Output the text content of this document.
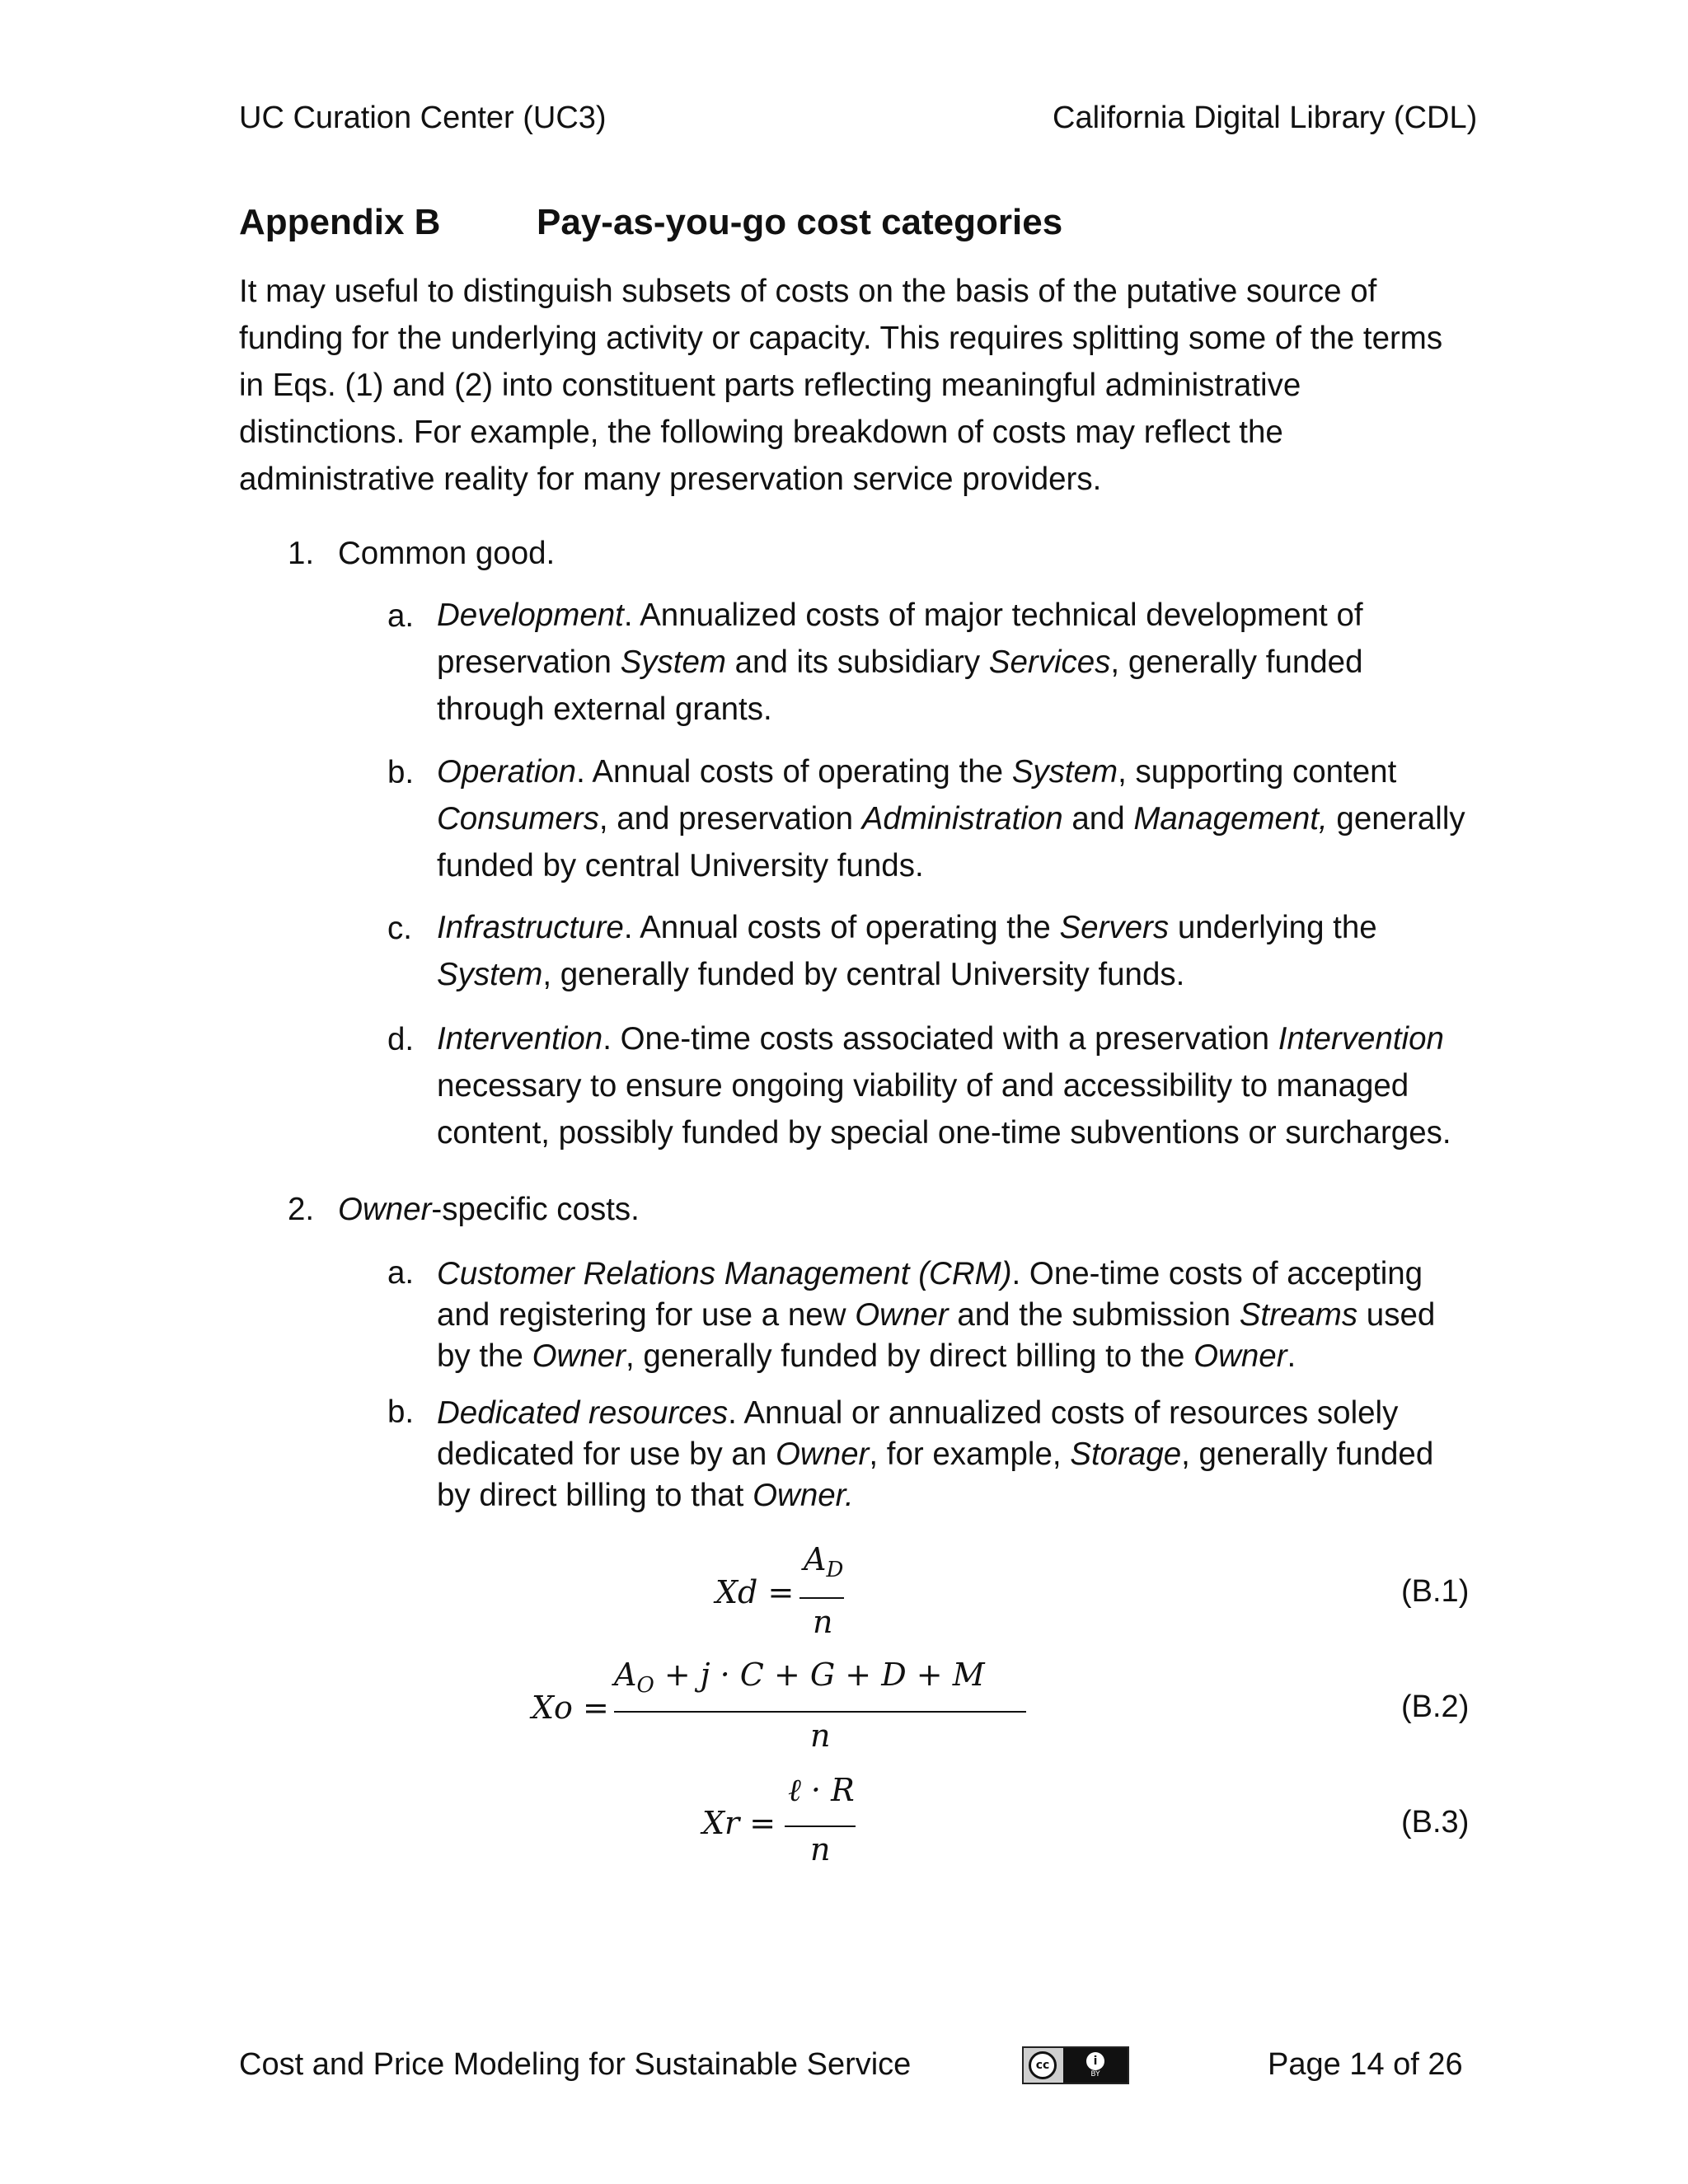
UC Curation Center (UC3)	California Digital Library (CDL)
Appendix B	Pay-as-you-go cost categories
It may useful to distinguish subsets of costs on the basis of the putative source of funding for the underlying activity or capacity. This requires splitting some of the terms in Eqs. (1) and (2) into constituent parts reflecting meaningful administrative distinctions. For example, the following breakdown of costs may reflect the administrative reality for many preservation service providers.
1. Common good.
a. Development. Annualized costs of major technical development of preservation System and its subsidiary Services, generally funded through external grants.
b. Operation. Annual costs of operating the System, supporting content Consumers, and preservation Administration and Management, generally funded by central University funds.
c. Infrastructure. Annual costs of operating the Servers underlying the System, generally funded by central University funds.
d. Intervention. One-time costs associated with a preservation Intervention necessary to ensure ongoing viability of and accessibility to managed content, possibly funded by special one-time subventions or surcharges.
2. Owner-specific costs.
a. Customer Relations Management (CRM). One-time costs of accepting and registering for use a new Owner and the submission Streams used by the Owner, generally funded by direct billing to the Owner.
b. Dedicated resources. Annual or annualized costs of resources solely dedicated for use by an Owner, for example, Storage, generally funded by direct billing to that Owner.
Xd =
$A_D$
n
(B.1)
Xo =
$A_O + j \cdot C + G + D + M$
n
(B.2)
Xr =
ℓ · R
n
(B.3)
Cost and Price Modeling for Sustainable Service	cc	i
BY	Page 14 of 26
